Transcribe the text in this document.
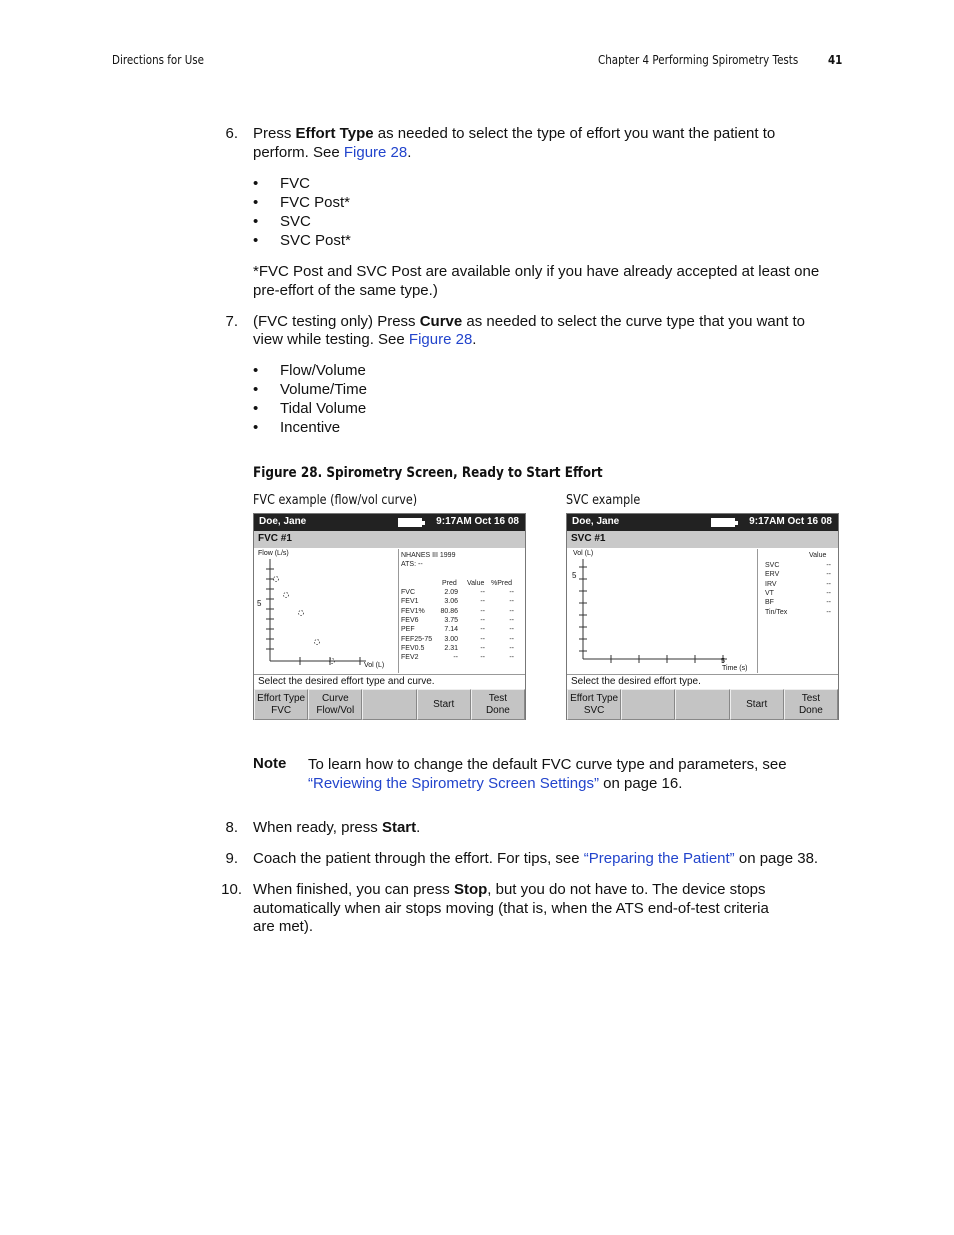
Directions for Use	Chapter 4 Performing Spirometry Tests 41
6. Press Effort Type as needed to select the type of effort you want the patient to
perform. See Figure 28.
• FVC
• FVC Post*
• SVC
• SVC Post*
*FVC Post and SVC Post are available only if you have already accepted at least one
pre-effort of the same type.)
7. (FVC testing only) Press Curve as needed to select the curve type that you want to
view while testing. See Figure 28.
• Flow/Volume
• Volume/Time
• Tidal Volume
• Incentive
Figure 28. Spirometry Screen, Ready to Start Effort
FVC example (flow/vol curve)	SVC example
Doe, Jane	9:17AM Oct 16 08
FVC #1
Flow (L/s)
5
Vol (L)
NHANES III 1999
ATS: --
Pred Value %Pred
FVC	2.09	--	--
FEV1	3.06	--	--
FEV1%	80.86	--	--
FEV6	3.75	--	--
PEF	7.14	--	--
FEF25-75	3.00	--	--
FEV0.5	2.31	--	--
FEV2	--	--	--
Select the desired effort type and curve.
Effort Type
FVC
Curve
Flow/Vol
Start
Test
Done
Doe, Jane	9:17AM Oct 16 08
SVC #1
Vol (L)
5
5
Time (s)
Value
SVC	--
ERV	--
IRV	--
VT	--
BF	--
Tin/Tex	--
Select the desired effort type.
Effort Type
SVC
Start
Test
Done
Note To learn how to change the default FVC curve type and parameters, see
“Reviewing the Spirometry Screen Settings” on page 16.
8. When ready, press Start.
9. Coach the patient through the effort. For tips, see “Preparing the Patient” on page 38.
10. When finished, you can press Stop, but you do not have to. The device stops
automatically when air stops moving (that is, when the ATS end-of-test criteria
are met).
